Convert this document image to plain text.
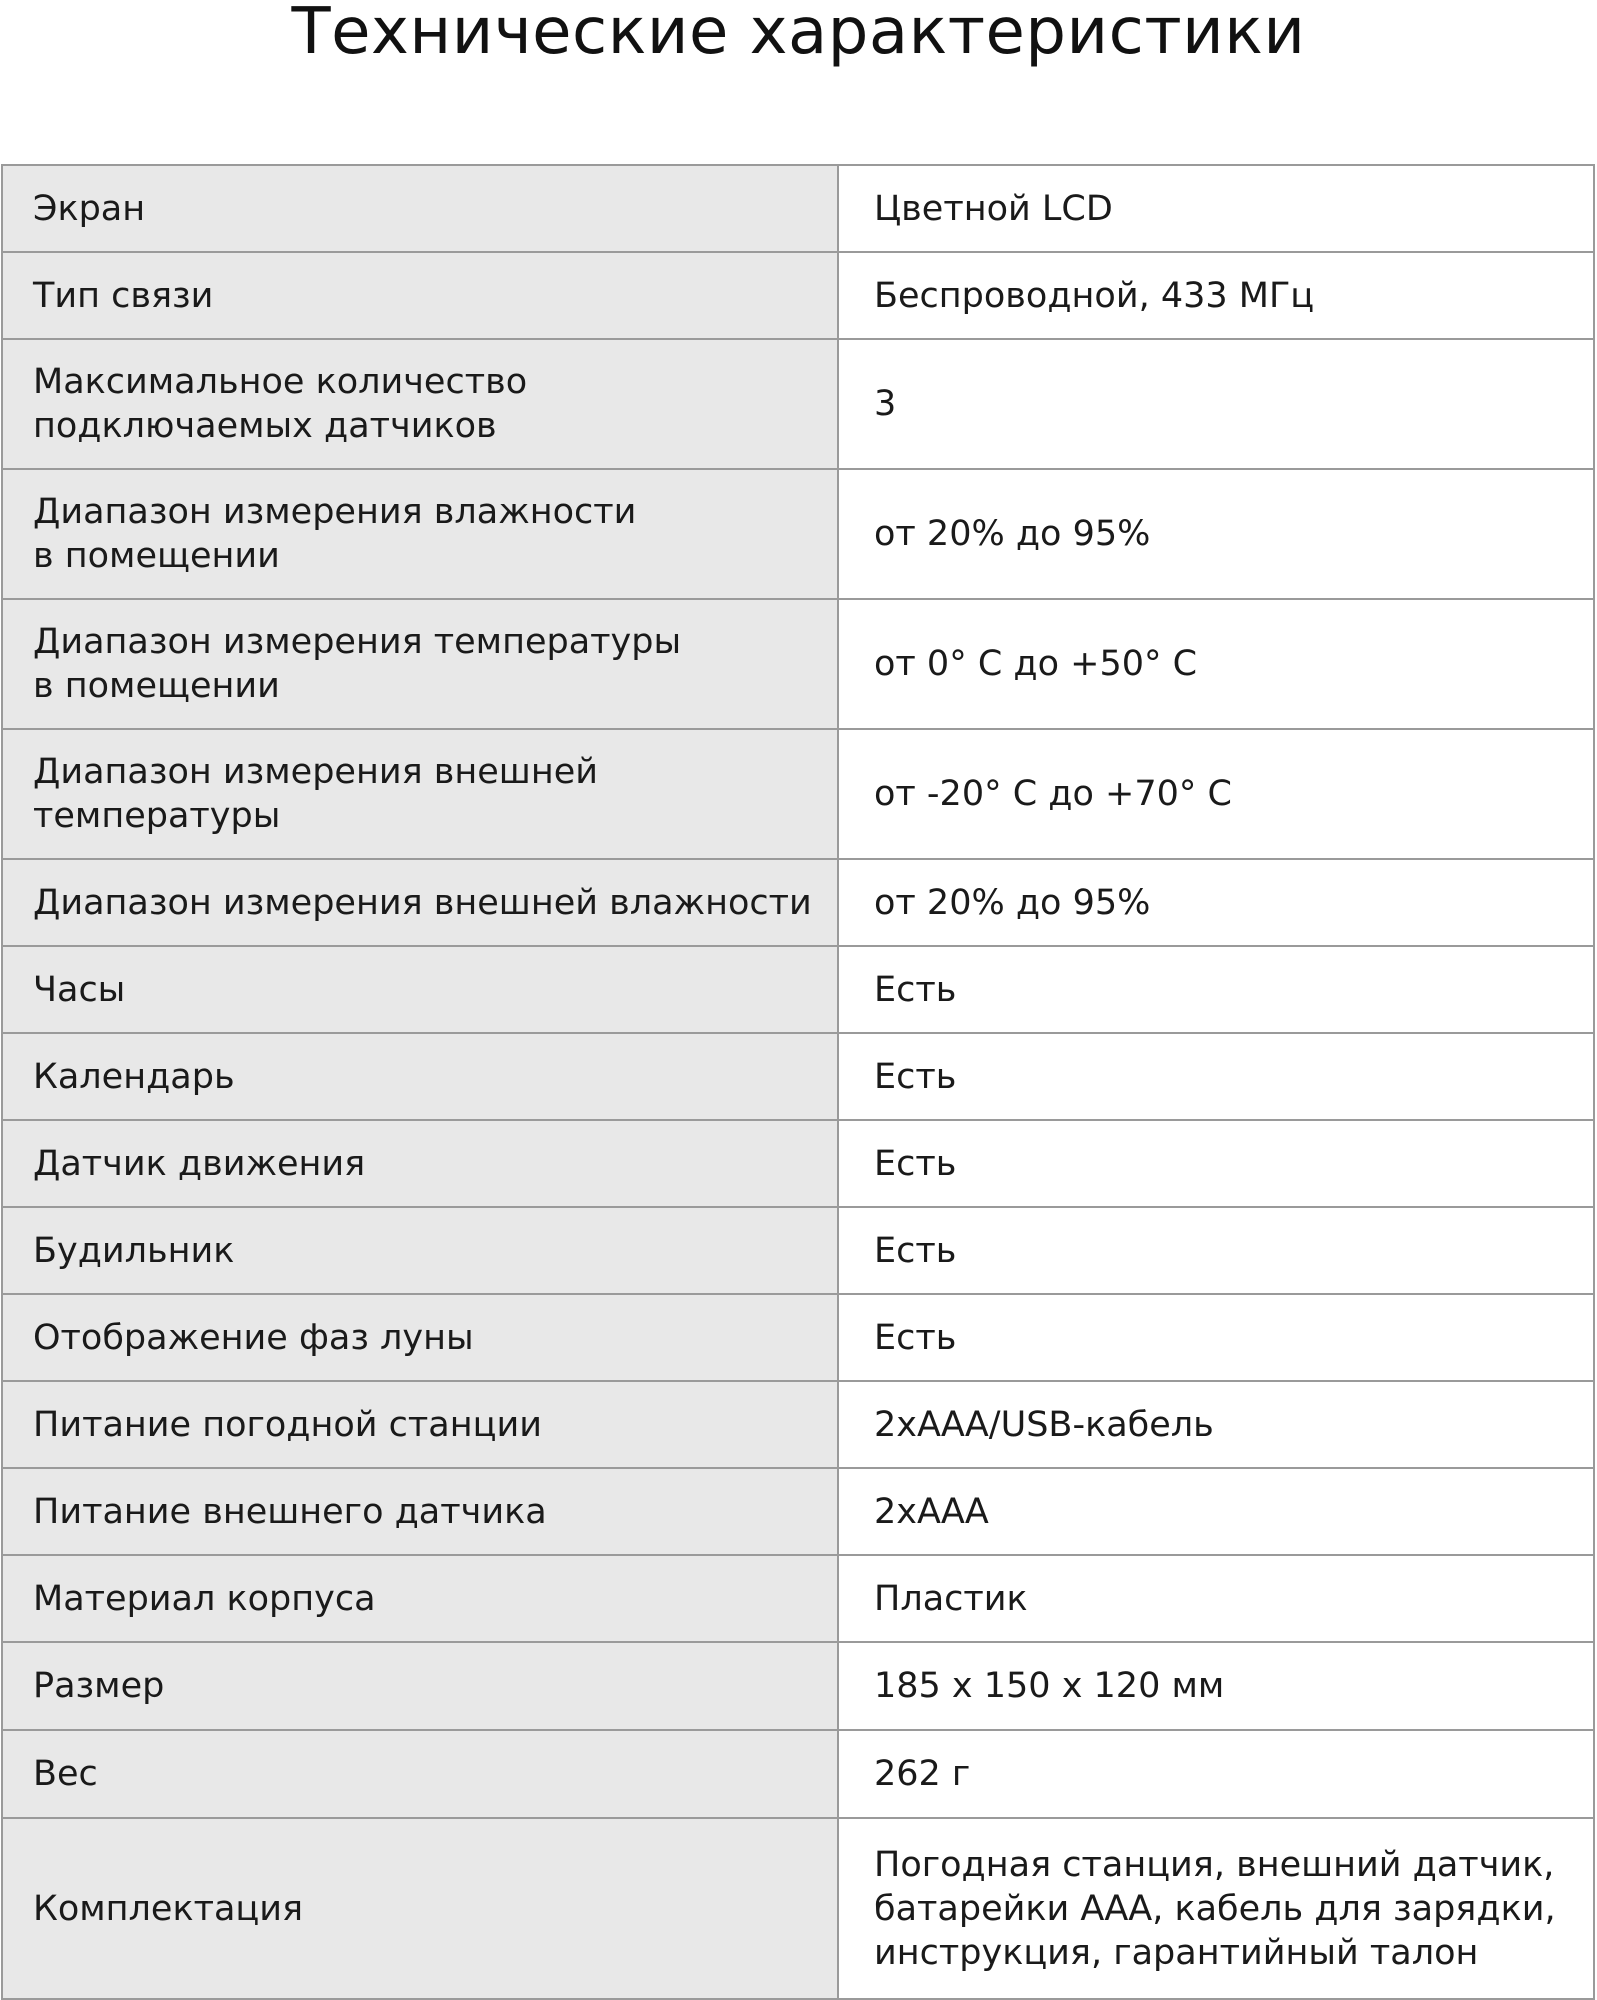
Технические характеристики
Экран	Цветной LCD
Тип связи	Беспроводной, 433 МГц
Максимальное количество
подключаемых датчиков	3
Диапазон измерения влажности
в помещении	от 20% до 95%
Диапазон измерения температуры
в помещении	от 0° С до +50° С
Диапазон измерения внешней
температуры	от -20° С до +70° С
Диапазон измерения внешней влажности	от 20% до 95%
Часы	Есть
Календарь	Есть
Датчик движения	Есть
Будильник	Есть
Отображение фаз луны	Есть
Питание погодной станции	2хААА/USB-кабель
Питание внешнего датчика	2хААА
Материал корпуса	Пластик
Размер	185 х 150 х 120 мм
Вес	262 г
Комплектация	Погодная станция, внешний датчик,
батарейки ААА, кабель для зарядки,
инструкция, гарантийный талон
